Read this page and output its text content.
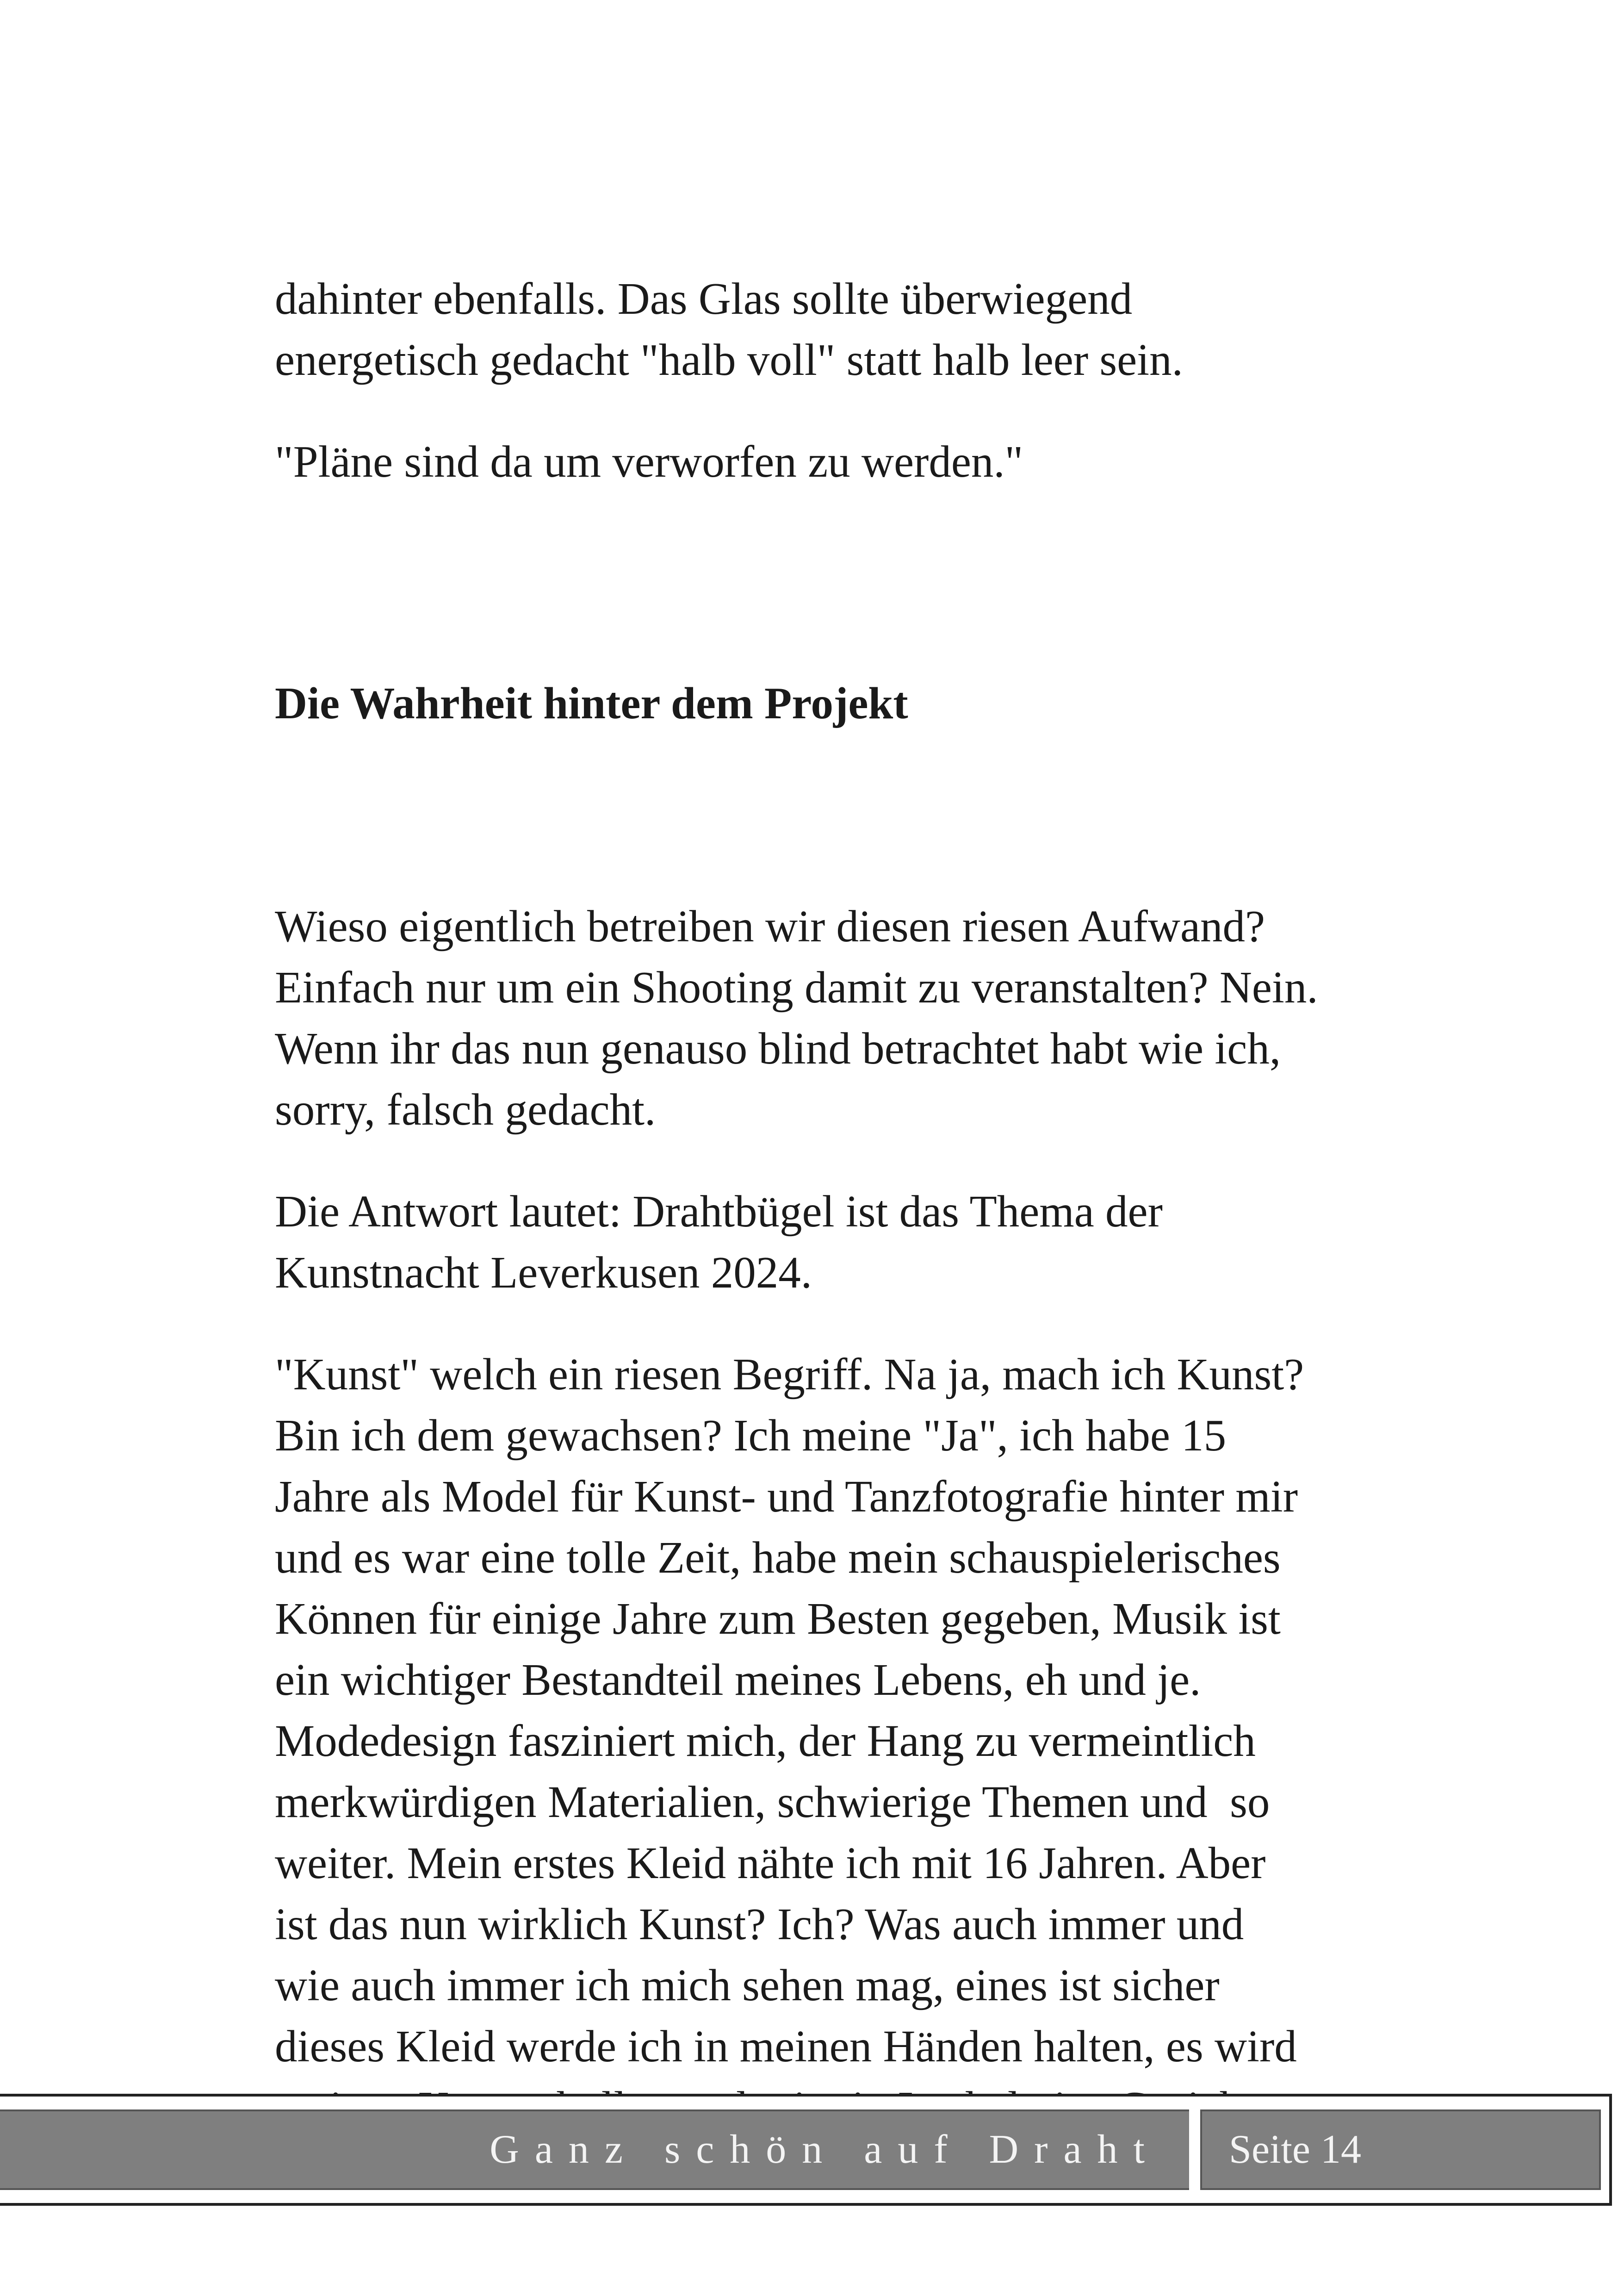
dahinter ebenfalls. Das Glas sollte überwiegend
energetisch gedacht "halb voll" statt halb leer sein.

"Pläne sind da um verworfen zu werden."

Die Wahrheit hinter dem Projekt

Wieso eigentlich betreiben wir diesen riesen Aufwand?
Einfach nur um ein Shooting damit zu veranstalten? Nein.
Wenn ihr das nun genauso blind betrachtet habt wie ich,
sorry, falsch gedacht.

Die Antwort lautet: Drahtbügel ist das Thema der
Kunstnacht Leverkusen 2024.

"Kunst" welch ein riesen Begriff. Na ja, mach ich Kunst?
Bin ich dem gewachsen? Ich meine "Ja", ich habe 15
Jahre als Model für Kunst- und Tanzfotografie hinter mir
und es war eine tolle Zeit, habe mein schauspielerisches
Können für einige Jahre zum Besten gegeben, Musik ist
ein wichtiger Bestandteil meines Lebens, eh und je.
Modedesign fasziniert mich, der Hang zu vermeintlich
merkwürdigen Materialien, schwierige Themen und  so
weiter. Mein erstes Kleid nähte ich mit 16 Jahren. Aber
ist das nun wirklich Kunst? Ich? Was auch immer und
wie auch immer ich mich sehen mag, eines ist sicher
dieses Kleid werde ich in meinen Händen halten, es wird

Ganz schön auf Draht Seite 14
